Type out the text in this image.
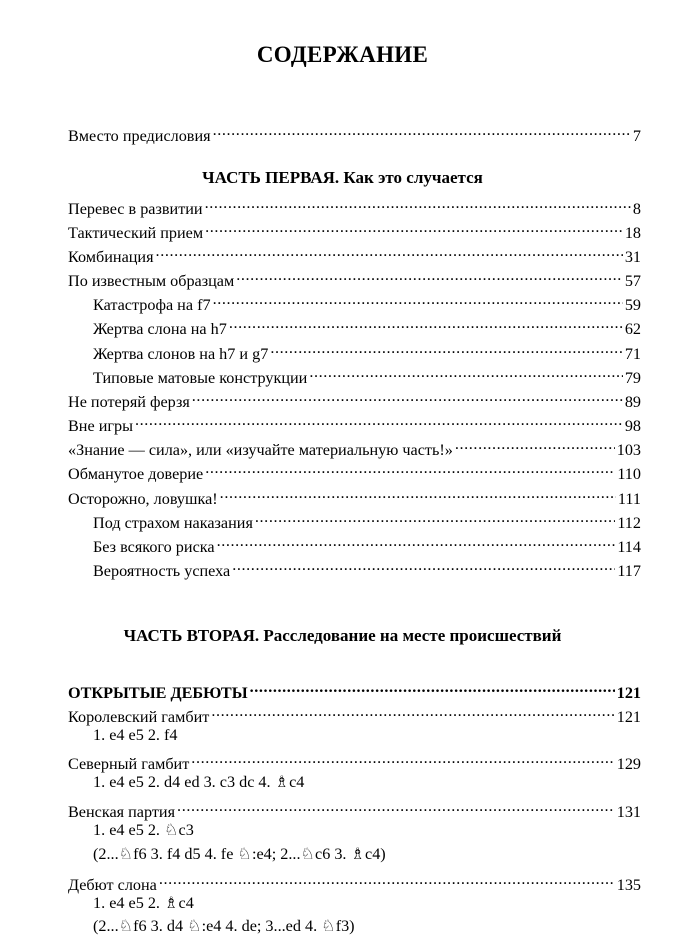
СОДЕРЖАНИЕ
Вместо предисловия .....	7
ЧАСТЬ ПЕРВАЯ. Как это случается
Перевес в развитии .....	8
Тактический прием .....	18
Комбинация .....	31
По известным образцам .....	57
Катастрофа на f7 .....	59
Жертва слона на h7 .....	62
Жертва слонов на h7 и g7 .....	71
Типовые матовые конструкции .....	79
Не потеряй ферзя .....	89
Вне игры .....	98
«Знание — сила», или «изучайте материальную часть!» .....	103
Обманутое доверие .....	110
Осторожно, ловушка! .....	111
Под страхом наказания .....	112
Без всякого риска .....	114
Вероятность успеха .....	117
ЧАСТЬ ВТОРАЯ. Расследование на месте происшествий
ОТКРЫТЫЕ ДЕБЮТЫ .....	121
Королевский гамбит .....	121
1. e4 e5 2. f4
Северный гамбит .....	129
1. e4 e5 2. d4 ed 3. c3 dc 4. ♗c4
Венская партия .....	131
1. e4 e5 2. ♘c3
(2...♘f6 3. f4 d5 4. fe ♘:e4; 2...♘c6 3. ♗c4)
Дебют слона .....	135
1. e4 e5 2. ♗c4
(2...♘f6 3. d4 ♘:e4 4. de; 3...ed 4. ♘f3)
